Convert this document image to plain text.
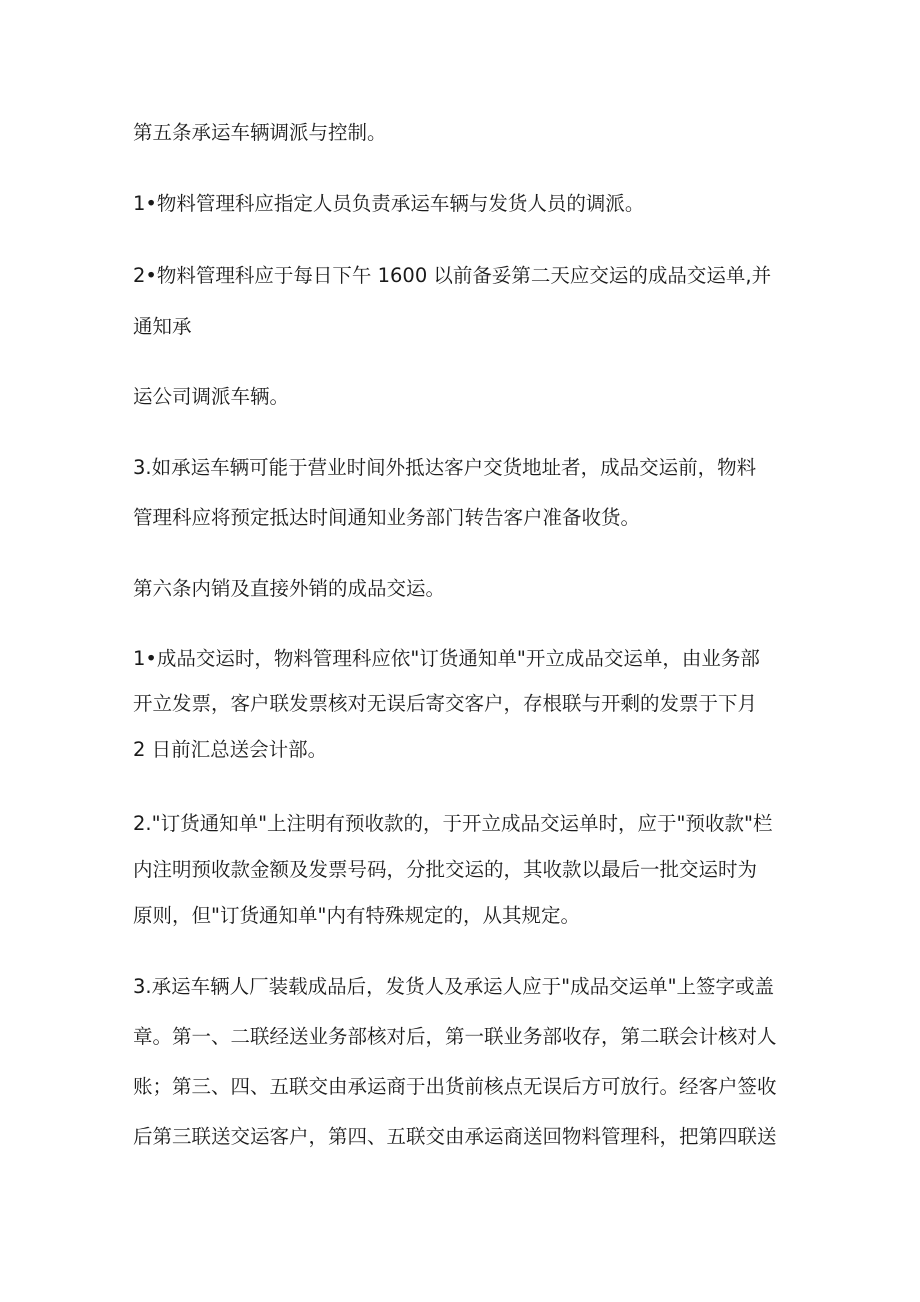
第五条承运车辆调派与控制。

1•物料管理科应指定人员负责承运车辆与发货人员的调派。

2•物料管理科应于每日下午 1600 以前备妥第二天应交运的成品交运单,并

通知承

运公司调派车辆。

3.如承运车辆可能于营业时间外抵达客户交货地址者，成品交运前，物料

管理科应将预定抵达时间通知业务部门转告客户准备收货。

第六条内销及直接外销的成品交运。

1•成品交运时，物料管理科应依"订货通知单"开立成品交运单，由业务部

开立发票，客户联发票核对无误后寄交客户，存根联与开剩的发票于下月

2 日前汇总送会计部。

2."订货通知单"上注明有预收款的，于开立成品交运单时，应于"预收款"栏

内注明预收款金额及发票号码，分批交运的，其收款以最后一批交运时为

原则，但"订货通知单"内有特殊规定的，从其规定。

3.承运车辆人厂装载成品后，发货人及承运人应于"成品交运单"上签字或盖

章。第一、二联经送业务部核对后，第一联业务部收存，第二联会计核对人

账；第三、四、五联交由承运商于出货前核点无误后方可放行。经客户签收

后第三联送交运客户，第四、五联交由承运商送回物料管理科，把第四联送
